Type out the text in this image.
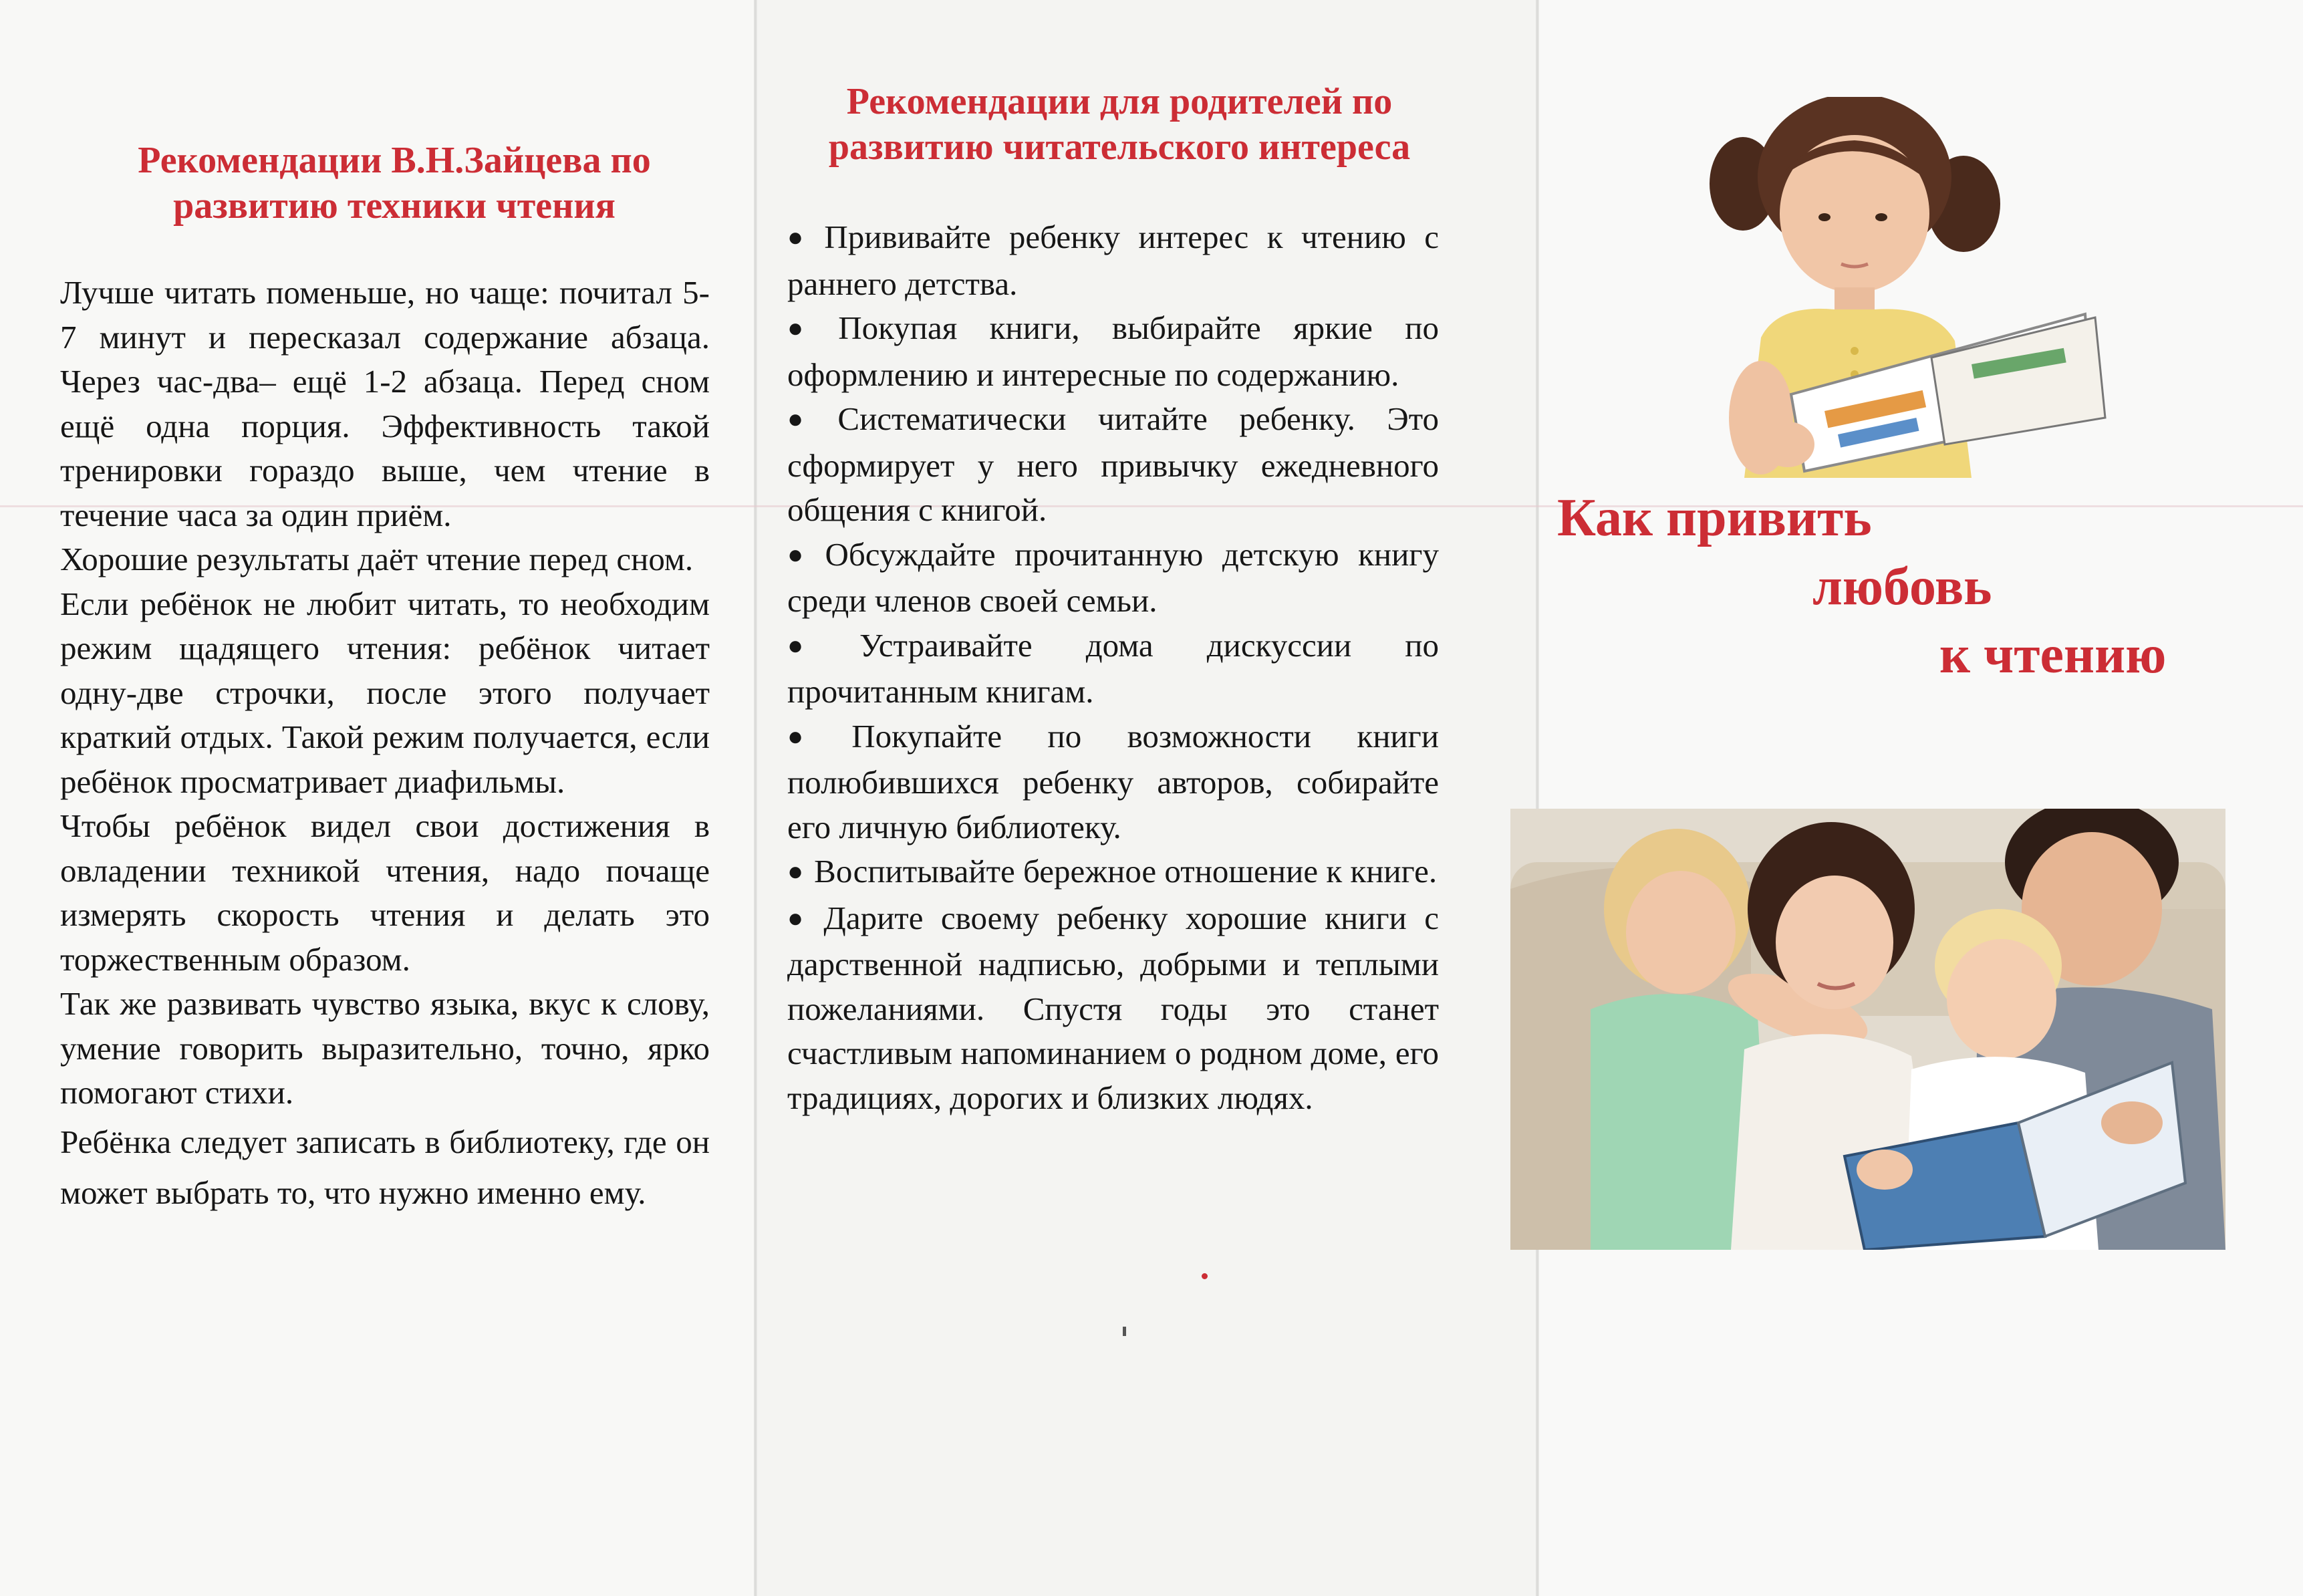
Рекомендации В.Н.Зайцева по развитию техники чтения

Лучше читать поменьше, но чаще: почитал 5-7 минут и пересказал содержание абзаца. Через час-два– ещё 1-2 абзаца. Перед сном ещё одна порция. Эффективность такой тренировки гораздо выше, чем чтение в течение часа за один приём.

Хорошие результаты даёт чтение перед сном.

Если ребёнок не любит читать, то необходим режим щадящего чтения: ребёнок читает одну-две строчки, после этого получает краткий отдых. Такой режим получается, если ребёнок просматривает диафильмы.

Чтобы ребёнок видел свои достижения в овладении техникой чтения, надо почаще измерять скорость чтения и делать это торжественным образом.

Так же развивать чувство языка, вкус к слову, умение говорить выразительно, точно, ярко помогают стихи.

Ребёнка следует записать в библиотеку, где он может выбрать то, что нужно именно ему.

Рекомендации для родителей по развитию читательского интереса

● Прививайте ребенку интерес к чтению с раннего детства.

● Покупая книги, выбирайте яркие по оформлению и интересные по содержанию.

● Систематически читайте ребенку. Это сформирует у него привычку ежедневного общения с книгой.

● Обсуждайте прочитанную детскую книгу среди членов своей семьи.

● Устраивайте дома дискуссии по прочитанным книгам.

● Покупайте по возможности книги полюбившихся ребенку авторов, собирайте его личную библиотеку.

● Воспитывайте бережное отношение к книге.

● Дарите своему ребенку хорошие книги с дарственной надписью, добрыми и теплыми пожеланиями. Спустя годы это станет счастливым напоминанием о родном доме, его традициях, дорогих и близких людях.

Как привить

любовь

к чтению
